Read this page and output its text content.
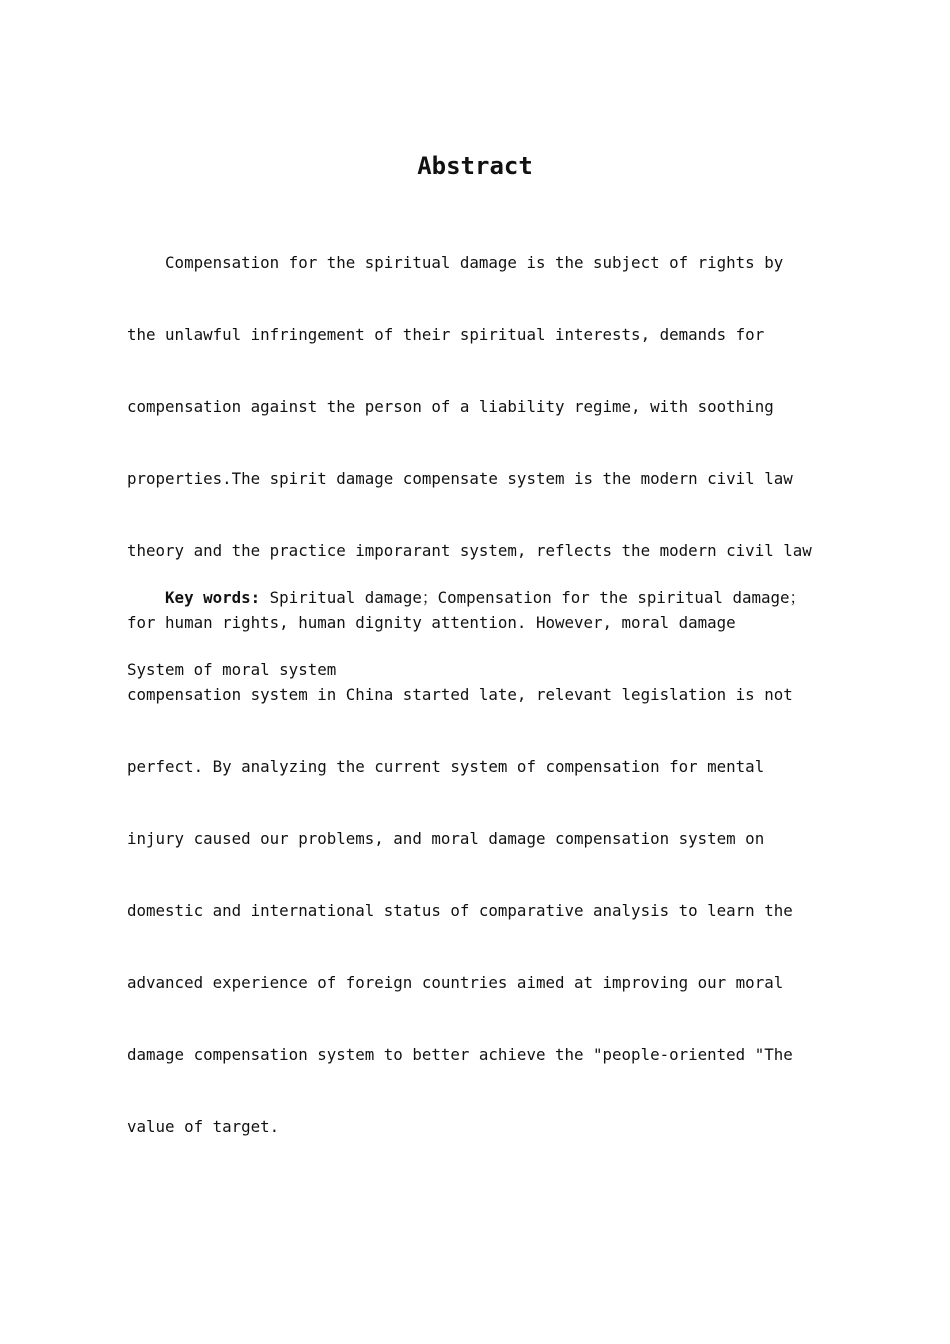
Abstract

Compensation for the spiritual damage is the subject of rights by

the unlawful infringement of their spiritual interests, demands for

compensation against the person of a liability regime, with soothing

properties.The spirit damage compensate system is the modern civil law

theory and the practice imporarant system, reflects the modern civil law

for human rights, human dignity attention. However, moral damage

compensation system in China started late, relevant legislation is not

perfect. By analyzing the current system of compensation for mental

injury caused our problems, and moral damage compensation system on

domestic and international status of comparative analysis to learn the

advanced experience of foreign countries aimed at improving our moral

damage compensation system to better achieve the "people-oriented "The

value of target.

Key words: Spiritual damage；Compensation for the spiritual damage；

System of moral system
